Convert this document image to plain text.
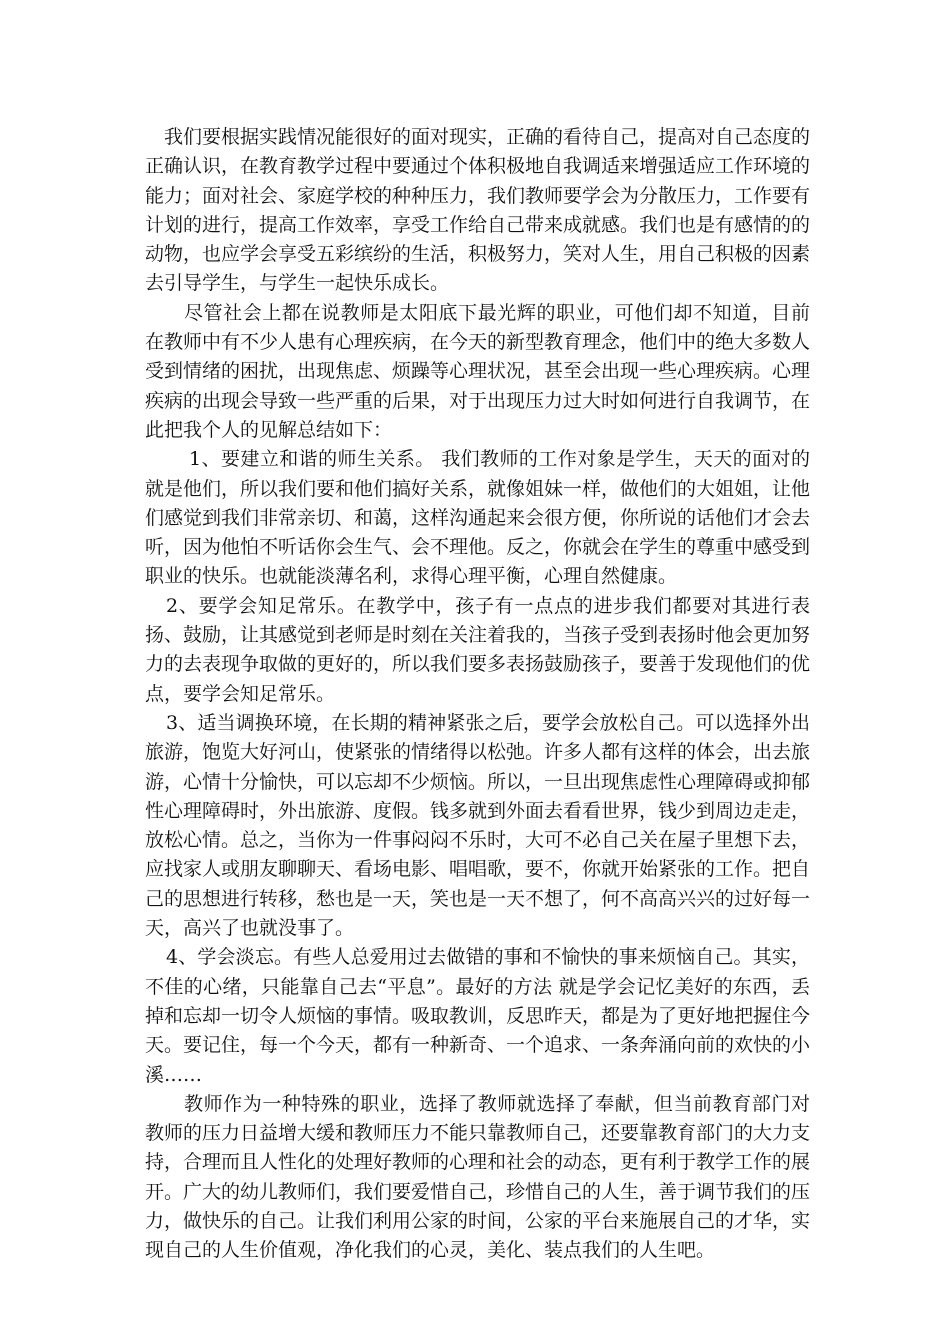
我们要根据实践情况能很好的面对现实，正确的看待自己，提高对自己态度的正确认识，在教育教学过程中要通过个体积极地自我调适来增强适应工作环境的能力；面对社会、家庭学校的种种压力，我们教师要学会为分散压力，工作要有计划的进行，提高工作效率，享受工作给自己带来成就感。我们也是有感情的的动物，也应学会享受五彩缤纷的生活，积极努力，笑对人生，用自己积极的因素去引导学生，与学生一起快乐成长。

尽管社会上都在说教师是太阳底下最光辉的职业，可他们却不知道，目前在教师中有不少人患有心理疾病，在今天的新型教育理念，他们中的绝大多数人受到情绪的困扰，出现焦虑、烦躁等心理状况，甚至会出现一些心理疾病。心理疾病的出现会导致一些严重的后果，对于出现压力过大时如何进行自我调节，在此把我个人的见解总结如下：

1、要建立和谐的师生关系。 我们教师的工作对象是学生，天天的面对的就是他们，所以我们要和他们搞好关系，就像姐妹一样，做他们的大姐姐，让他们感觉到我们非常亲切、和蔼，这样沟通起来会很方便，你所说的话他们才会去听，因为他怕不听话你会生气、会不理他。反之，你就会在学生的尊重中感受到职业的快乐。也就能淡薄名利，求得心理平衡，心理自然健康。

2、要学会知足常乐。在教学中，孩子有一点点的进步我们都要对其进行表扬、鼓励，让其感觉到老师是时刻在关注着我的，当孩子受到表扬时他会更加努力的去表现争取做的更好的，所以我们要多表扬鼓励孩子，要善于发现他们的优点，要学会知足常乐。

3、适当调换环境，在长期的精神紧张之后，要学会放松自己。可以选择外出旅游，饱览大好河山，使紧张的情绪得以松弛。许多人都有这样的体会，出去旅游，心情十分愉快，可以忘却不少烦恼。所以，一旦出现焦虑性心理障碍或抑郁性心理障碍时，外出旅游、度假。钱多就到外面去看看世界，钱少到周边走走，放松心情。总之，当你为一件事闷闷不乐时，大可不必自己关在屋子里想下去，应找家人或朋友聊聊天、看场电影、唱唱歌，要不，你就开始紧张的工作。把自己的思想进行转移，愁也是一天，笑也是一天不想了，何不高高兴兴的过好每一天，高兴了也就没事了。

4、学会淡忘。有些人总爱用过去做错的事和不愉快的事来烦恼自己。其实，不佳的心绪，只能靠自己去“平息”。最好的方法 就是学会记忆美好的东西，丢掉和忘却一切令人烦恼的事情。吸取教训，反思昨天，都是为了更好地把握住今天。要记住，每一个今天，都有一种新奇、一个追求、一条奔涌向前的欢快的小溪……

教师作为一种特殊的职业，选择了教师就选择了奉献，但当前教育部门对教师的压力日益增大缓和教师压力不能只靠教师自己，还要靠教育部门的大力支持，合理而且人性化的处理好教师的心理和社会的动态，更有利于教学工作的展开。广大的幼儿教师们，我们要爱惜自己，珍惜自己的人生，善于调节我们的压力，做快乐的自己。让我们利用公家的时间，公家的平台来施展自己的才华，实现自己的人生价值观，净化我们的心灵，美化、装点我们的人生吧。
